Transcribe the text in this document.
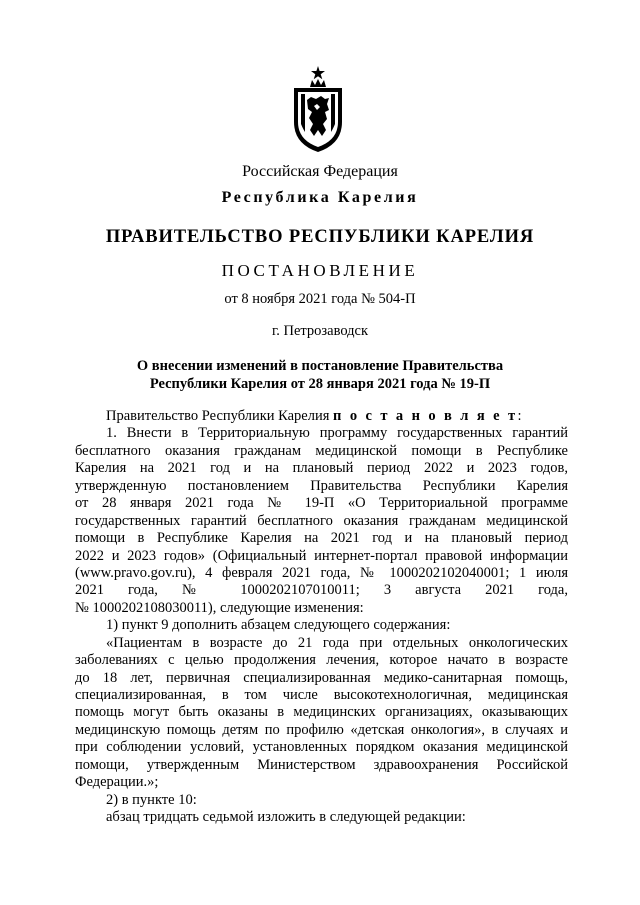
Российская Федерация
Республика Карелия
ПРАВИТЕЛЬСТВО РЕСПУБЛИКИ КАРЕЛИЯ
ПОСТАНОВЛЕНИЕ
от 8 ноября 2021 года № 504-П
г. Петрозаводск
О внесении изменений в постановление Правительства
Республики Карелия от 28 января 2021 года № 19-П
Правительство Республики Карелия п о с т а н о в л я е т:
1. Внести в Территориальную программу государственных гарантий
бесплатного оказания гражданам медицинской помощи в Республике
Карелия на 2021 год и на плановый период 2022 и 2023 годов,
утвержденную постановлением Правительства Республики Карелия
от 28 января 2021 года № 19-П «О Территориальной программе
государственных гарантий бесплатного оказания гражданам медицинской
помощи в Республике Карелия на 2021 год и на плановый период
2022 и 2023 годов» (Официальный интернет-портал правовой информации
(www.pravo.gov.ru), 4 февраля 2021 года, № 1000202102040001; 1 июля
2021 года, № 1000202107010011; 3 августа 2021 года,
№ 1000202108030011), следующие изменения:
1) пункт 9 дополнить абзацем следующего содержания:
«Пациентам в возрасте до 21 года при отдельных онкологических
заболеваниях с целью продолжения лечения, которое начато в возрасте
до 18 лет, первичная специализированная медико-санитарная помощь,
специализированная, в том числе высокотехнологичная, медицинская
помощь могут быть оказаны в медицинских организациях, оказывающих
медицинскую помощь детям по профилю «детская онкология», в случаях и
при соблюдении условий, установленных порядком оказания медицинской
помощи, утвержденным Министерством здравоохранения Российской
Федерации.»;
2) в пункте 10:
абзац тридцать седьмой изложить в следующей редакции:
